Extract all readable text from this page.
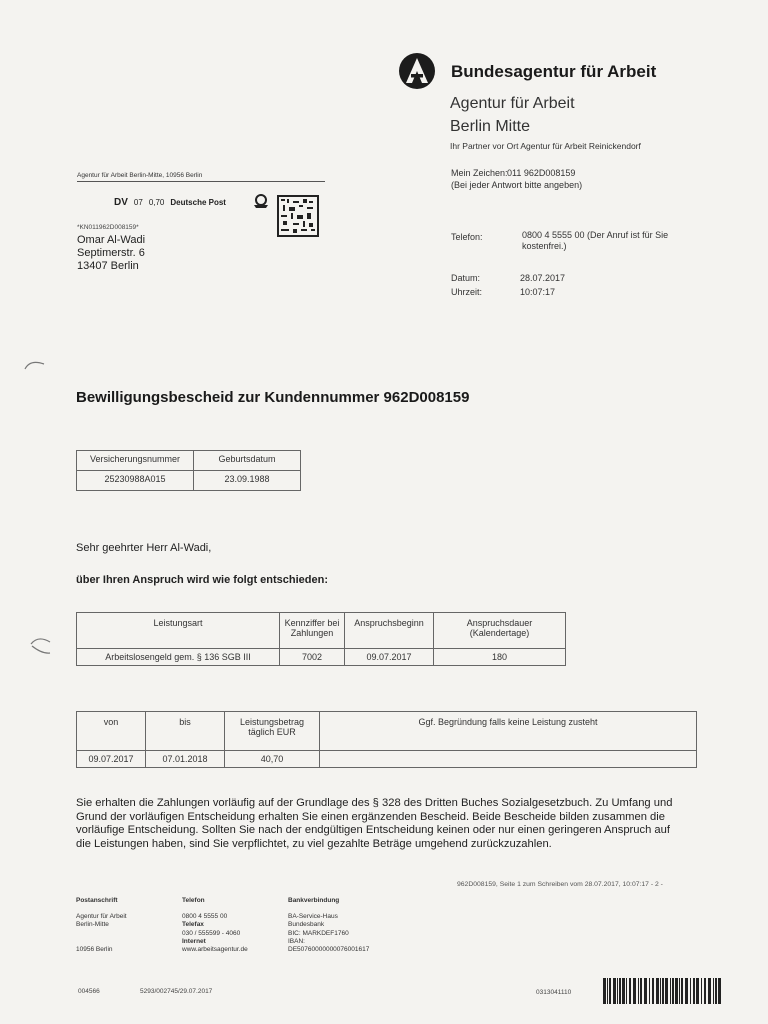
Bundesagentur für Arbeit
Agentur für Arbeit
Berlin Mitte
Ihr Partner vor Ort Agentur für Arbeit Reinickendorf
Agentur für Arbeit Berlin-Mitte, 10956 Berlin
DV 07 0,70 Deutsche Post
*KN011962D008159*
Omar Al-Wadi
Septimerstr. 6
13407 Berlin
Mein Zeichen: 011 962D008159
(Bei jeder Antwort bitte angeben)
Telefon:	0800 4 5555 00 (Der Anruf ist für Sie kostenfrei.)
Datum:	28.07.2017
Uhrzeit:	10:07:17
Bewilligungsbescheid zur Kundennummer 962D008159
Versicherungsnummer	Geburtsdatum
25230988A015	23.09.1988
Sehr geehrter Herr Al-Wadi,
über Ihren Anspruch wird wie folgt entschieden:
Leistungsart	Kennziffer bei Zahlungen	Anspruchsbeginn	Anspruchsdauer (Kalendertage)
Arbeitslosengeld gem. § 136 SGB III	7002	09.07.2017	180
von	bis	Leistungsbetrag täglich EUR	Ggf. Begründung falls keine Leistung zusteht
09.07.2017	07.01.2018	40,70	
Sie erhalten die Zahlungen vorläufig auf der Grundlage des § 328 des Dritten Buches Sozialgesetzbuch. Zu Umfang und Grund der vorläufigen Entscheidung erhalten Sie einen ergänzenden Bescheid. Beide Bescheide bilden zusammen die vorläufige Entscheidung. Sollten Sie nach der endgültigen Entscheidung keinen oder nur einen geringeren Anspruch auf die Leistungen haben, sind Sie verpflichtet, zu viel gezahlte Beträge umgehend zurückzuzahlen.
962D008159, Seite 1 zum Schreiben vom 28.07.2017, 10:07:17 - 2 -
Postanschrift
Agentur für Arbeit
Berlin-Mitte
10956 Berlin
Telefon
0800 4 5555 00
Telefax
030 / 555599 - 4060
Internet
www.arbeitsagentur.de
Bankverbindung
BA-Service-Haus
Bundesbank
BIC: MARKDEF1760
IBAN:
DE50760000000076001617
004566	5293/002745/29.07.2017	0313041110
